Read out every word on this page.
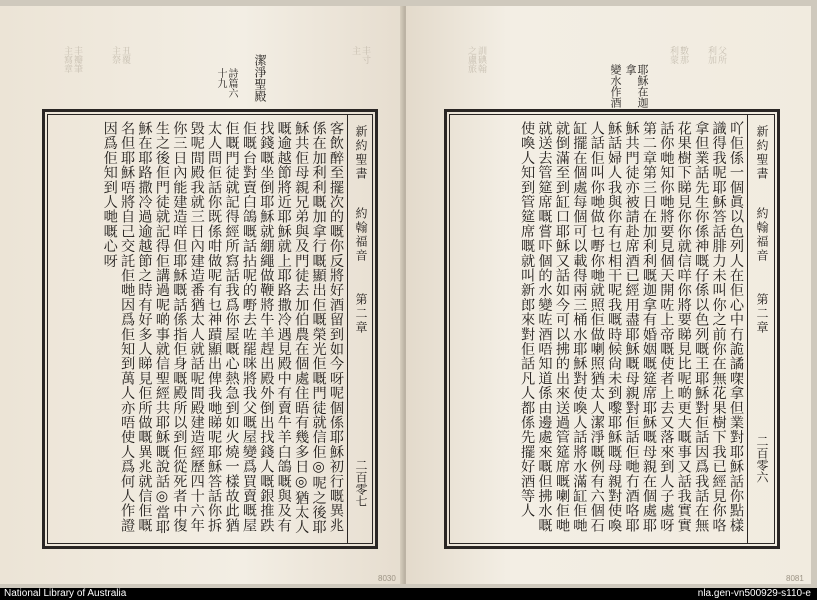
丰瓣筆
主寫章	丑覆
主祭	丰寸
主
潔淨聖殿
詩篇六十九
客飲醉至擺次的嘅你反將好酒留到如今呀呢個係耶穌初行嘅異兆係在加利利嘅加拿行嘅顯出佢嘅榮光佢嘅門徒就信佢◎呢之後耶穌共佢母親兄弟與及門徒去加伯農在個處住晤有幾多日◎猶太人嘅逾越節將近耶穌就上耶路撒冷遇見殿中有賣牛羊白鴿嘅與及有找錢嘅坐倒耶穌就綳繩做鞭將牛羊趕出殿外倒出找錢人嘅銀推跌佢嘅台對賣白鴿嘅話拈呢的嘢去咗罷咪將我父嘅屋變爲買賣嘅屋佢嘅門徒就記得經所寫話我爲你屋嘅心熱急到如火燒一樣故此猶太人問佢話你既係咁做呢有乜神蹟顯出俾我哋睇呢耶穌答話你拆毀呢間殿我就三日內建造番猶太人就話呢間殿建造經歷四十六年你三日內能建造咩但耶穌嘅話係指佢身嘅殿所以到佢從死者中復生之後佢門徒就記得佢講過呢啲事就信聖經共耶穌嘅說話◎當耶穌在耶路撒冷過逾越節之時有好多人睇見佢所做嘅異兆就信佢嘅名但耶穌唔將自己交託佢哋因爲佢知到萬人亦唔使人爲何人作證因爲佢知到人哋嘅心呀	新約聖書
約翰福音
第二章
二百零七
8030
訓碘翰
之盧旅	數那
利蒙	父所
利加
耶穌在迦拿
變水作酒
吖佢係一個眞以色列人在佢心中冇詭譎㗎拿但業對耶穌話你點樣識得我呢耶穌答話腓力未叫你之前你在無花果樹下我已經見你咯拿但業話先生你係神嘅仔係以色列嘅王耶穌對佢話因爲我話在無花果樹下睇見你你就信咩你將要睇見比呢啲更大嘅事又話我實實話你哋知你哋將要見個天開咗上帝嘅使者上去又落來到人子處呀第二章第三日在加利利嘅迦拿有婚姻嘅筵席耶穌嘅母親在個處耶穌共門徒亦被請赴席酒已經用盡耶穌嘅母親對佢話佢哋冇酒咯耶穌話婦人我與你有乜相干呢我嘅時候尙未到嚟耶穌嘅母親對使喚人話佢叫你哋做乜嘢你哋就照佢做喇照猶太人潔淨嘅例有六個石缸擺在個處每個可以載得兩三桶水耶穌對使喚人話將水滿缸佢哋就倒滿至到缸口耶穌又話如今可以拂的出來送過管筵席嘅喇佢哋就送去管筵席嘅嘗吓個的水變咗酒唔知道係由邊處來嘅但拂水嘅使喚人知到管筵席嘅就叫新郎來對佢話凡人都係先擺好酒等人	新約聖書
約翰福音
第二章
二百零六
8081
National Library of Australia	nla.gen-vn500929-s110-e
